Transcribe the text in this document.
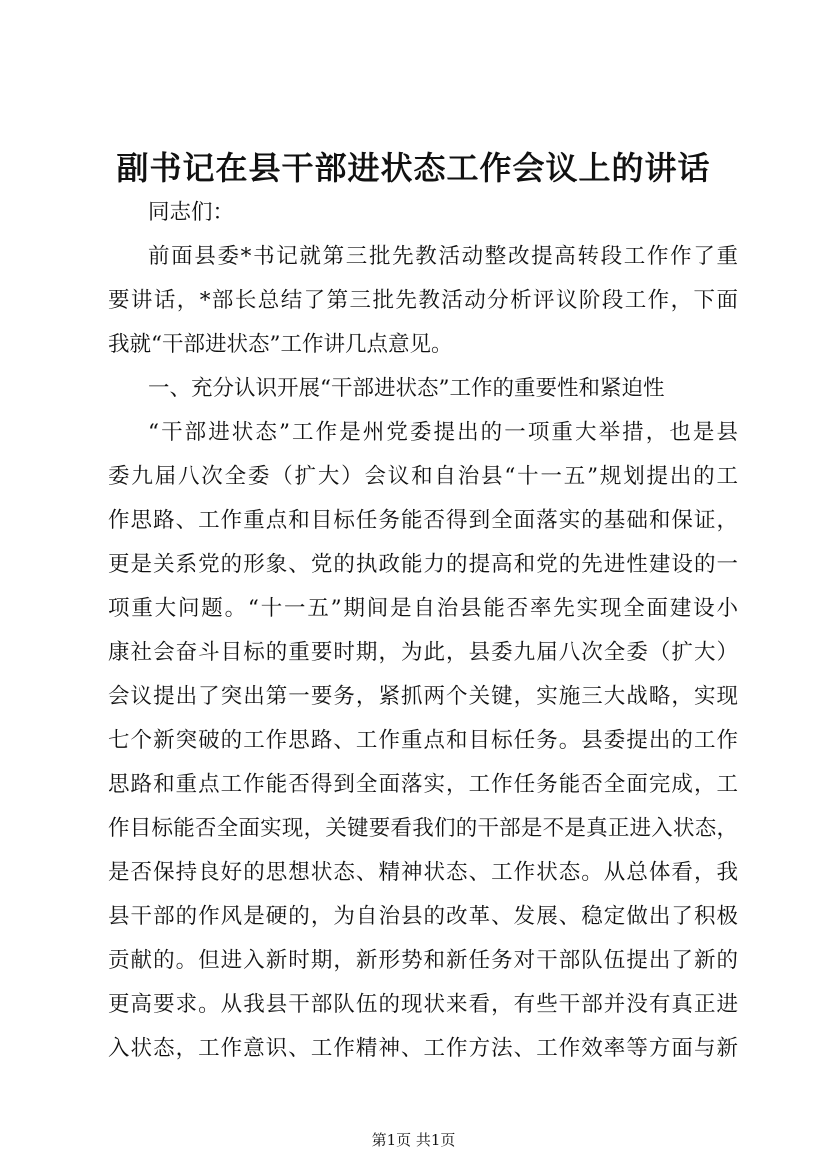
副书记在县干部进状态工作会议上的讲话
同志们：
前面县委*书记就第三批先教活动整改提高转段工作作了重
要讲话，*部长总结了第三批先教活动分析评议阶段工作，下面
我就“干部进状态”工作讲几点意见。
一、充分认识开展“干部进状态”工作的重要性和紧迫性
“干部进状态”工作是州党委提出的一项重大举措，也是县
委九届八次全委（扩大）会议和自治县“十一五”规划提出的工
作思路、工作重点和目标任务能否得到全面落实的基础和保证，
更是关系党的形象、党的执政能力的提高和党的先进性建设的一
项重大问题。“十一五”期间是自治县能否率先实现全面建设小
康社会奋斗目标的重要时期，为此，县委九届八次全委（扩大）
会议提出了突出第一要务，紧抓两个关键，实施三大战略，实现
七个新突破的工作思路、工作重点和目标任务。县委提出的工作
思路和重点工作能否得到全面落实，工作任务能否全面完成，工
作目标能否全面实现，关键要看我们的干部是不是真正进入状态，
是否保持良好的思想状态、精神状态、工作状态。从总体看，我
县干部的作风是硬的，为自治县的改革、发展、稳定做出了积极
贡献的。但进入新时期，新形势和新任务对干部队伍提出了新的
更高要求。从我县干部队伍的现状来看，有些干部并没有真正进
入状态，工作意识、工作精神、工作方法、工作效率等方面与新
第1页 共1页
